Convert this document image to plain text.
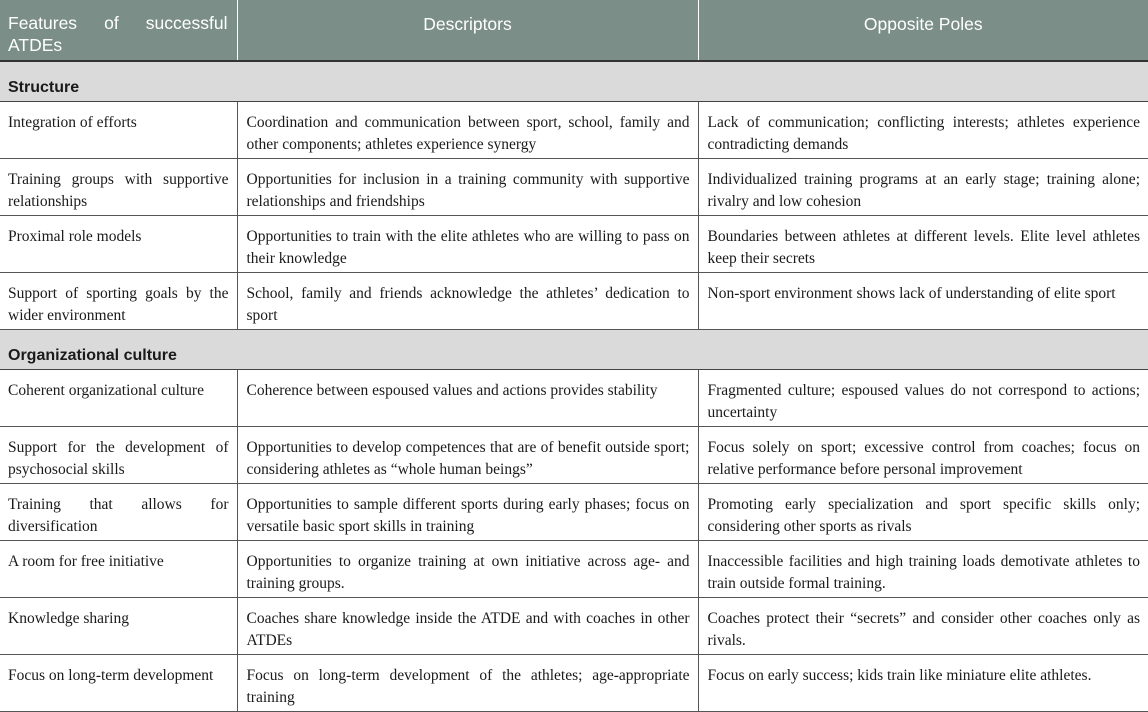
Features of successful ATDEs	Descriptors	Opposite Poles
Structure		
Integration of efforts	Coordination and communication between sport, school, family and other components; athletes experience synergy	Lack of communication; conflicting interests; athletes experience contradicting demands
Training groups with supportive relationships	Opportunities for inclusion in a training community with supportive relationships and friendships	Individualized training programs at an early stage; training alone; rivalry and low cohesion
Proximal role models	Opportunities to train with the elite athletes who are willing to pass on their knowledge	Boundaries between athletes at different levels. Elite level athletes keep their secrets
Support of sporting goals by the wider environment	School, family and friends acknowledge the athletes’ dedication to sport	Non-sport environment shows lack of understanding of elite sport
Organizational culture		
Coherent organizational culture	Coherence between espoused values and actions provides stability	Fragmented culture; espoused values do not correspond to actions; uncertainty
Support for the development of psychosocial skills	Opportunities to develop competences that are of benefit outside sport; considering athletes as “whole human beings”	Focus solely on sport; excessive control from coaches; focus on relative performance before personal improvement
Training that allows for diversification	Opportunities to sample different sports during early phases; focus on versatile basic sport skills in training	Promoting early specialization and sport specific skills only; considering other sports as rivals
A room for free initiative	Opportunities to organize training at own initiative across age- and training groups.	Inaccessible facilities and high training loads demotivate athletes to train outside formal training.
Knowledge sharing	Coaches share knowledge inside the ATDE and with coaches in other ATDEs	Coaches protect their “secrets” and consider other coaches only as rivals.
Focus on long-term development	Focus on long-term development of the athletes; age-appropriate training	Focus on early success; kids train like miniature elite athletes.
